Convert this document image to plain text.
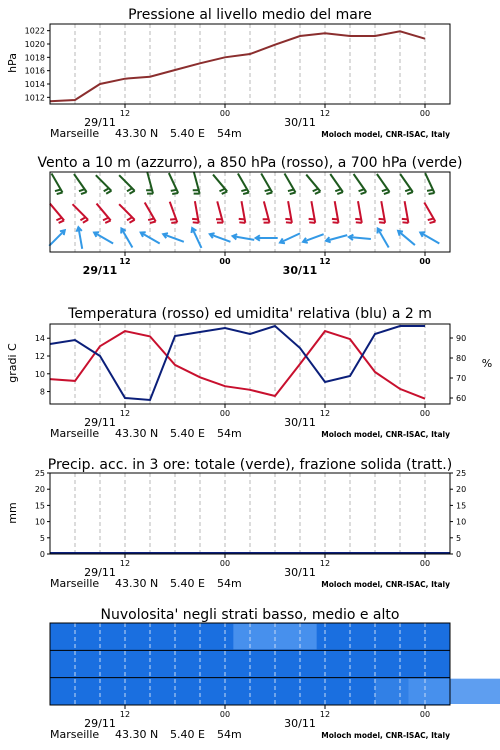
Pressione al livello medio del mare
hPa
1012
1014
1016
1018
1020
1022
12	00	12	00
29/11	30/11
Marseille 43.30 N 5.40 E 54m	Moloch model, CNR-ISAC, Italy
Vento a 10 m (azzurro), a 850 hPa (rosso), a 700 hPa (verde)
12	00	12	00
29/11	30/11
Temperatura (rosso) ed umidita' relativa (blu) a 2 m
gradi C	%
8
10
12
14
60
70
80
90
12	00	12	00
29/11	30/11
Marseille 43.30 N 5.40 E 54m	Moloch model, CNR-ISAC, Italy
Precip. acc. in 3 ore: totale (verde), frazione solida (tratt.)
mm
0
5
10
15
20
25
0
5
10
15
20
25
12	00	12	00
29/11	30/11
Marseille 43.30 N 5.40 E 54m	Moloch model, CNR-ISAC, Italy
Nuvolosita' negli strati basso, medio e alto
12	00	12	00
29/11	30/11
Marseille 43.30 N 5.40 E 54m	Moloch model, CNR-ISAC, Italy
